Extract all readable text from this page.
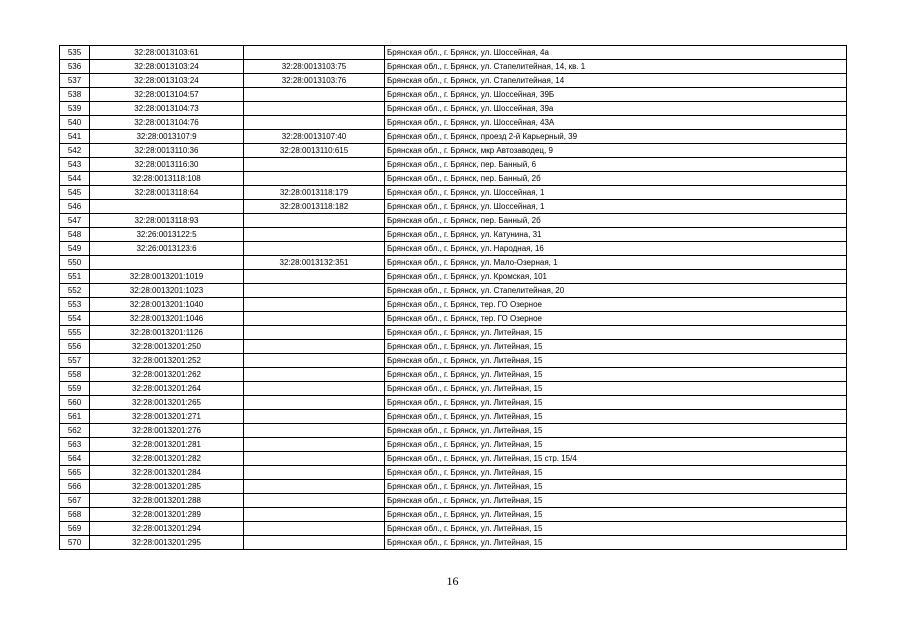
535	32:28:0013103:61		Брянская обл., г. Брянск, ул. Шоссейная, 4а
536	32:28:0013103:24	32:28:0013103:75	Брянская обл., г. Брянск, ул. Стапелитейная, 14, кв. 1
537	32:28:0013103:24	32:28:0013103:76	Брянская обл., г. Брянск, ул. Стапелитейная, 14
538	32:28:0013104:57		Брянская обл., г. Брянск, ул. Шоссейная, 39Б
539	32:28:0013104:73		Брянская обл., г. Брянск, ул. Шоссейная, 39а
540	32:28:0013104:76		Брянская обл., г. Брянск, ул. Шоссейная, 43А
541	32:28:0013107:9	32:28:0013107:40	Брянская обл., г. Брянск, проезд 2-й Карьерный, 39
542	32:28:0013110:36	32:28:0013110:615	Брянская обл., г. Брянск, мкр Автозаводец, 9
543	32:28:0013116:30		Брянская обл., г. Брянск, пер. Банный, 6
544	32:28:0013118:108		Брянская обл., г. Брянск, пер. Банный, 2б
545	32:28:0013118:64	32:28:0013118:179	Брянская обл., г. Брянск, ул. Шоссейная, 1
546		32:28:0013118:182	Брянская обл., г. Брянск, ул. Шоссейная, 1
547	32:28:0013118:93		Брянская обл., г. Брянск, пер. Банный, 2б
548	32:26:0013122:5		Брянская обл., г. Брянск, ул. Катунина, 31
549	32:26:0013123:6		Брянская обл., г. Брянск, ул. Народная, 16
550		32:28:0013132:351	Брянская обл., г. Брянск, ул. Мало-Озерная, 1
551	32:28:0013201:1019		Брянская обл., г. Брянск, ул. Кромская, 101
552	32:28:0013201:1023		Брянская обл., г. Брянск, ул. Стапелитейная, 20
553	32:28:0013201:1040		Брянская обл., г. Брянск, тер. ГО Озерное
554	32:28:0013201:1046		Брянская обл., г. Брянск, тер. ГО Озерное
555	32:28:0013201:1126		Брянская обл., г. Брянск, ул. Литейная, 15
556	32:28:0013201:250		Брянская обл., г. Брянск, ул. Литейная, 15
557	32:28:0013201:252		Брянская обл., г. Брянск, ул. Литейная, 15
558	32:28:0013201:262		Брянская обл., г. Брянск, ул. Литейная, 15
559	32:28:0013201:264		Брянская обл., г. Брянск, ул. Литейная, 15
560	32:28:0013201:265		Брянская обл., г. Брянск, ул. Литейная, 15
561	32:28:0013201:271		Брянская обл., г. Брянск, ул. Литейная, 15
562	32:28:0013201:276		Брянская обл., г. Брянск, ул. Литейная, 15
563	32:28:0013201:281		Брянская обл., г. Брянск, ул. Литейная, 15
564	32:28:0013201:282		Брянская обл., г. Брянск, ул. Литейная, 15 стр. 15/4
565	32:28:0013201:284		Брянская обл., г. Брянск, ул. Литейная, 15
566	32:28:0013201:285		Брянская обл., г. Брянск, ул. Литейная, 15
567	32:28:0013201:288		Брянская обл., г. Брянск, ул. Литейная, 15
568	32:28:0013201:289		Брянская обл., г. Брянск, ул. Литейная, 15
569	32:28:0013201:294		Брянская обл., г. Брянск, ул. Литейная, 15
570	32:28:0013201:295		Брянская обл., г. Брянск, ул. Литейная, 15
16
